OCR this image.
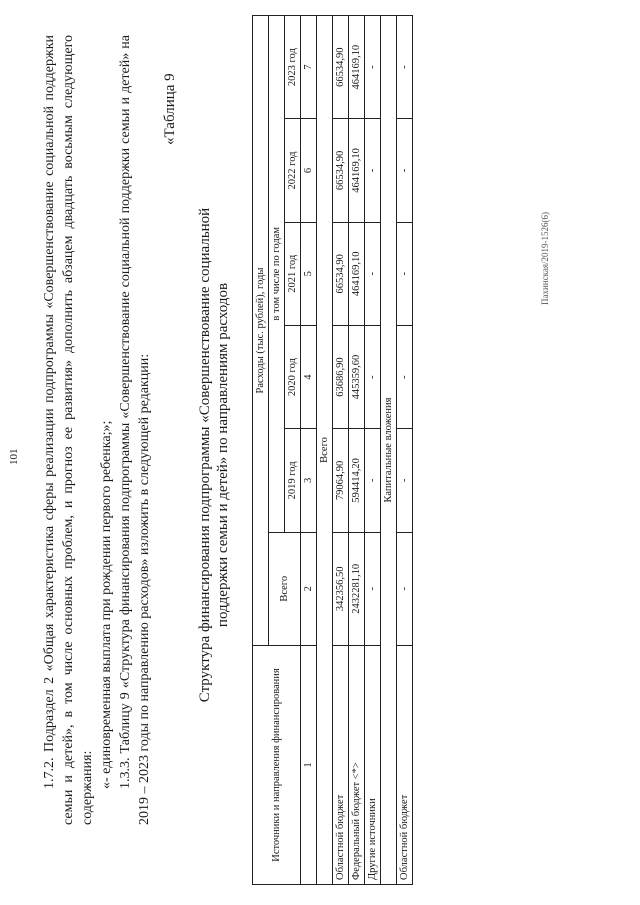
101 1.7.2. Подраздел 2 «Общая характеристика сферы реализации подпрограммы «Совершенствование социальной поддержки семьи и детей», в том числе основных проблем, и прогноз ее развития» дополнить абзацем двадцать восьмым следующего содержания: «- единовременная выплата при рождении первого ребенка;»; 1.3.3. Таблицу 9 «Структура финансирования подпрограммы «Совершенствование социальной поддержки семьи и детей» на 2019 – 2023 годы по направлению расходов» изложить в следующей редакции:
«Таблица 9
Структура финансирования подпрограммы «Совершенствование социальной поддержки семьи и детей» по направлениям расходов
Источники и направления финансирования	Расходы (тыс. рублей), годы					
	Всего	в том числе по годам				
		2019 год	2020 год	2021 год	2022 год	2023 год
1	2	3	4	5	6	7
Всего						
Областной бюджет	342356,50	79064,90	63686,90	66534,90	66534,90	66534,90
Федеральный бюджет <*>	2432281,10	594414,20	445359,60	464169,10	464169,10	464169,10
Другие источники	-	-	-	-	-	-
Капитальные вложения						
Областной бюджет	-	-	-	-	-	-
Пахинская/2019-1526(6)
